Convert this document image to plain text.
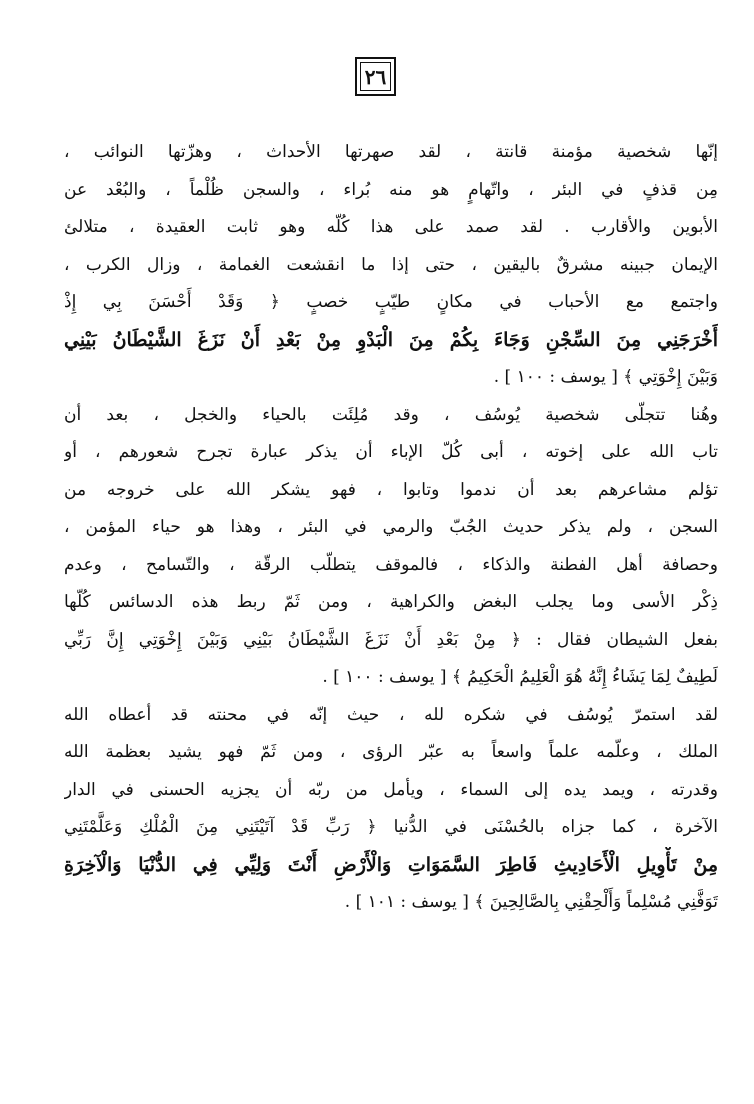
٢٦
إنّها شخصية مؤمنة قانتة ، لقد صهرتها الأحداث ، وهزّتها النوائب ،
مِن قذفٍ في البئر ، واتّهامٍ هو منه بُراء ، والسجن ظُلْماً ، والبُعْد عن
الأبوين والأقارب . لقد صمد على هذا كُلّه وهو ثابت العقيدة ، متلالئ
الإيمان جبينه مشرقٌ باليقين ، حتى إذا ما انقشعت الغمامة ، وزال الكرب ،
واجتمع مع الأحباب في مكانٍ طيّبٍ خصبٍ ﴿ وَقَدْ أَحْسَنَ بِي إِذْ
أَخْرَجَنِي مِنَ السِّجْنِ وَجَاءَ بِكُمْ مِنَ الْبَدْوِ مِنْ بَعْدِ أَنْ نَزَغَ الشَّيْطَانُ بَيْنِي
وَبَيْنَ إِخْوَتِي ﴾ [ يوسف : ١٠٠ ] .
وهُنا تتجلّى شخصية يُوسُف ، وقد مُلِئَت بالحياء والخجل ، بعد أن
تاب الله على إخوته ، أبى كُلّ الإباء أن يذكر عبارة تجرح شعورهم ، أو
تؤلم مشاعرهم بعد أن ندموا وتابوا ، فهو يشكر الله على خروجه من
السجن ، ولم يذكر حديث الجُبّ والرمي في البئر ، وهذا هو حياء المؤمن ،
وحصافة أهل الفطنة والذكاء ، فالموقف يتطلّب الرقّة ، والتّسامح ، وعدم
ذِكْر الأسى وما يجلب البغض والكراهية ، ومن ثَمّ ربط هذه الدسائس كُلّها
بفعل الشيطان فقال : ﴿ مِنْ بَعْدِ أَنْ نَزَغَ الشَّيْطَانُ بَيْنِي وَبَيْنَ إِخْوَتِي إِنَّ رَبِّي
لَطِيفٌ لِمَا يَشَاءُ إِنَّهُ هُوَ الْعَلِيمُ الْحَكِيمُ ﴾ [ يوسف : ١٠٠ ] .
لقد استمرّ يُوسُف في شكره لله ، حيث إنّه في محنته قد أعطاه الله
الملك ، وعلّمه علماً واسعاً به عبّر الرؤى ، ومن ثَمّ فهو يشيد بعظمة الله
وقدرته ، ويمد يده إلى السماء ، ويأمل من ربّه أن يجزيه الحسنى في الدار
الآخرة ، كما جزاه بالحُسْنَى في الدُّنيا ﴿ رَبِّ قَدْ آتَيْتَنِي مِنَ الْمُلْكِ وَعَلَّمْتَنِي
مِنْ تَأْوِيلِ الْأَحَادِيثِ فَاطِرَ السَّمَوَاتِ وَالْأَرْضِ أَنْتَ وَلِيِّي فِي الدُّنْيَا وَالْآخِرَةِ
تَوَفَّنِي مُسْلِماً وَأَلْحِقْنِي بِالصَّالِحِينَ ﴾ [ يوسف : ١٠١ ] .
